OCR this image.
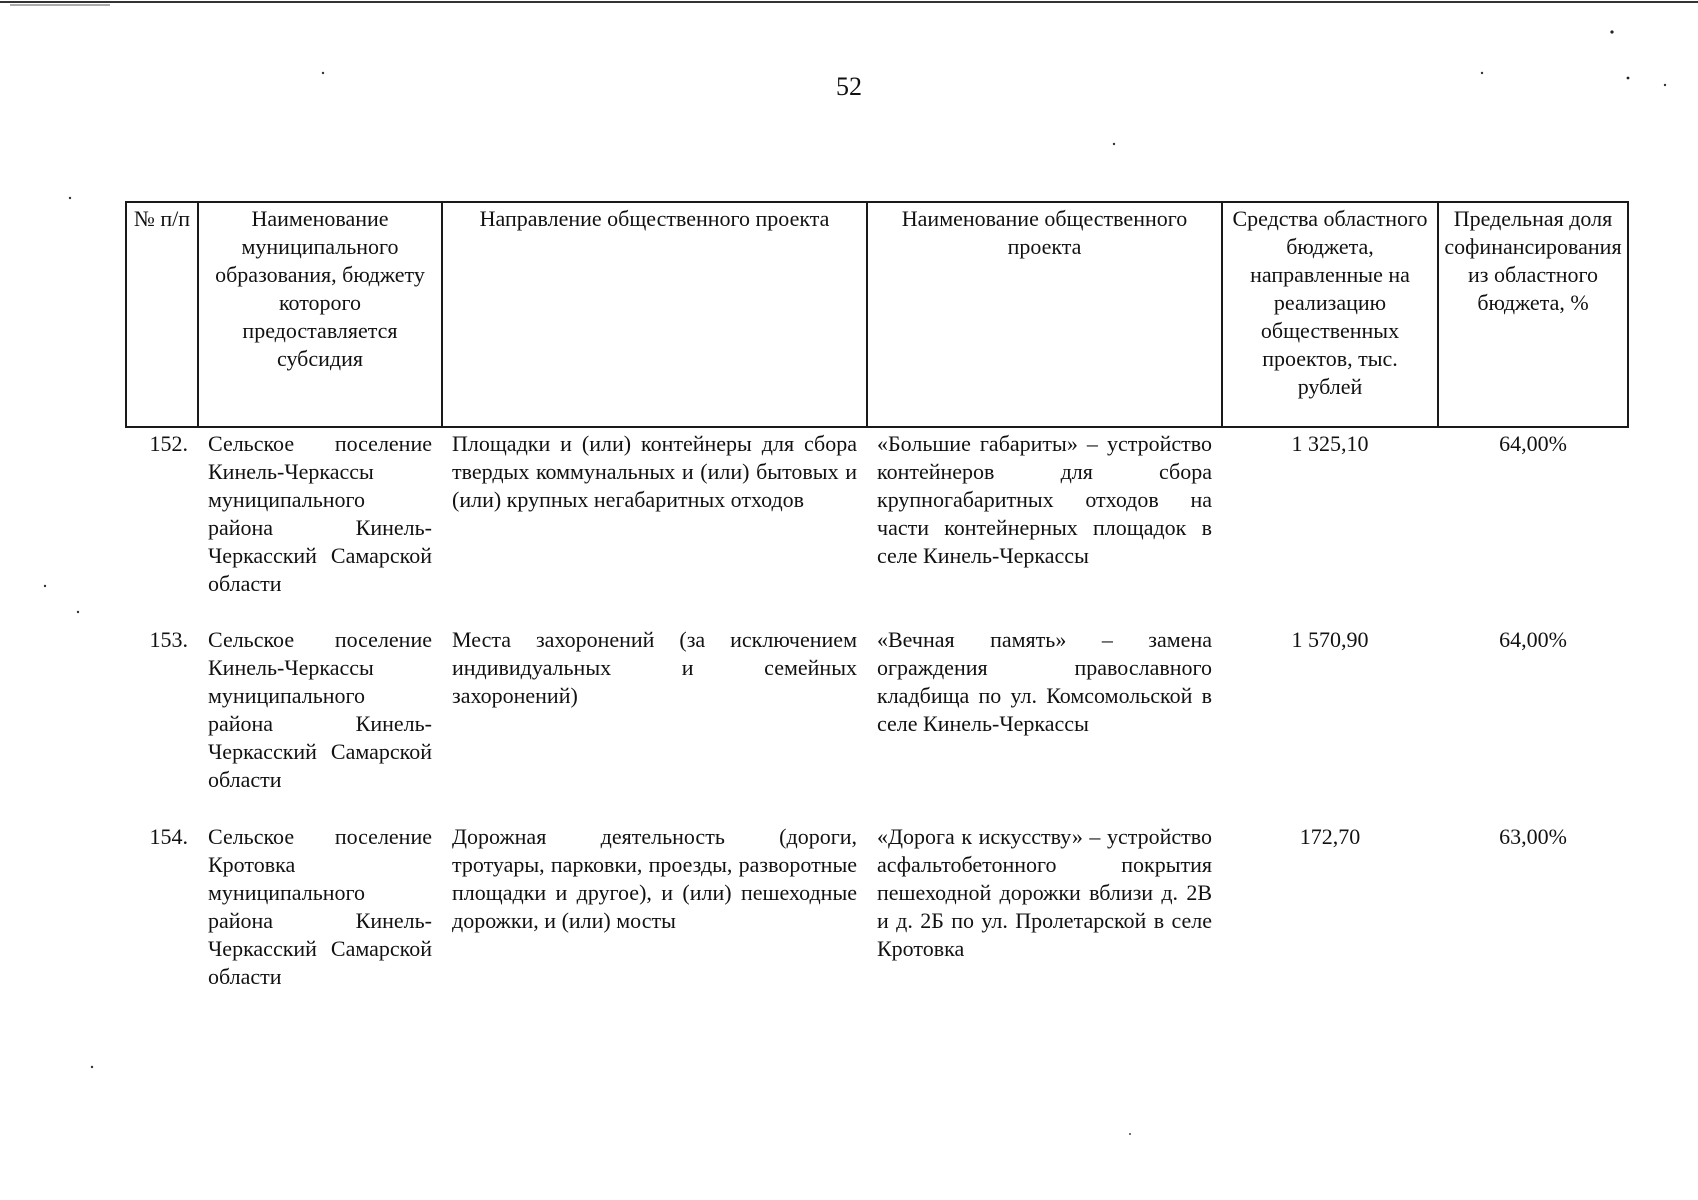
52
№ п/п	Наименование муниципального образования, бюджету которого предоставляется субсидия	Направление общественного проекта	Наименование общественного проекта	Средства областного бюджета, направленные на реализацию общественных проектов, тыс. рублей	Предельная доля софинансирования из областного бюджета, %
152.	Сельское поселение Кинель-Черкассы муниципального района Кинель-Черкасский Самарской области	Площадки и (или) контейнеры для сбора твердых коммунальных и (или) бытовых и (или) крупных негабаритных отходов	«Большие габариты» – устройство контейнеров для сбора крупногабаритных отходов на части контейнерных площадок в селе Кинель-Черкассы	1 325,10	64,00%
153.	Сельское поселение Кинель-Черкассы муниципального района Кинель-Черкасский Самарской области	Места захоронений (за исключением индивидуальных и семейных захоронений)	«Вечная память» – замена ограждения православного кладбища по ул. Комсомольской в селе Кинель-Черкассы	1 570,90	64,00%
154.	Сельское поселение Кротовка муниципального района Кинель-Черкасский Самарской области	Дорожная деятельность (дороги, тротуары, парковки, проезды, разворотные площадки и другое), и (или) пешеходные дорожки, и (или) мосты	«Дорога к искусству» – устройство асфальтобетонного покрытия пешеходной дорожки вблизи д. 2В и д. 2Б по ул. Пролетарской в селе Кротовка	172,70	63,00%
